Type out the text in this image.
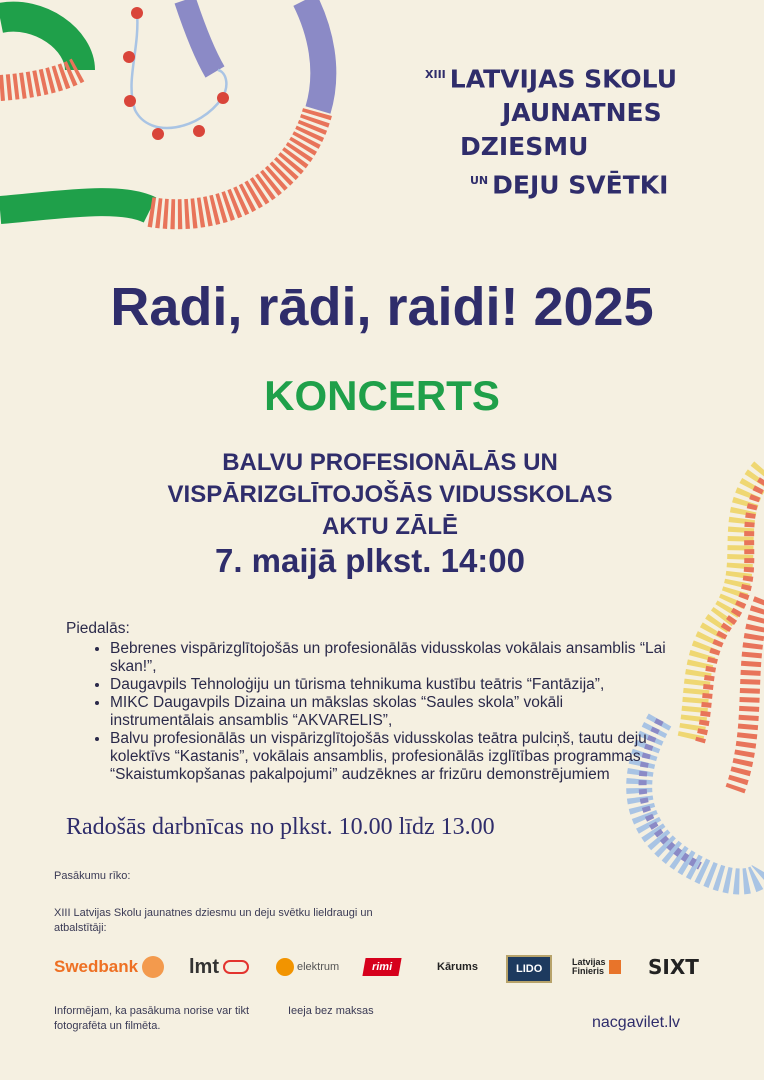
$^{XIII}$ LATVIJAS SKOLU
JAUNATNES
DZIESMU
$^{UN}$ DEJU SVĒTKI
Radi, rādi, raidi! 2025
KONCERTS
BALVU PROFESIONĀLĀS UN
VISPĀRIZGLĪTOJOŠĀS VIDUSSKOLAS
AKTU ZĀLĒ
7. maijā plkst. 14:00
Piedalās:
• Bebrenes vispārizglītojošās un profesionālās vidusskolas vokālais ansamblis “Lai skan!”,
• Daugavpils Tehnoloģiju un tūrisma tehnikuma kustību teātris “Fantāzija”,
• MIKC Daugavpils Dizaina un mākslas skolas “Saules skola” vokāli instrumentālais ansamblis “AKVARELIS”,
• Balvu profesionālās un vispārizglītojošās vidusskolas teātra pulciņš, tautu deju kolektīvs “Kastanis”, vokālais ansamblis, profesionālās izglītības programmas “Skaistumkopšanas pakalpojumi” audzēknes ar frizūru demonstrējumiem
Radošās darbnīcas no plkst. 10.00 līdz 13.00
Pasākumu rīko:
XIII Latvijas Skolu jaunatnes dziesmu un deju svētku lieldraugi un atbalstītāji:
Swedbank	lmt	elektrum	rimi	Kārums	LIDO
Latvijas
Finieris SIXT
Informējam, ka pasākuma norise var tikt fotografēta un filmēta.
Ieeja bez maksas
nacgavilet.lv
